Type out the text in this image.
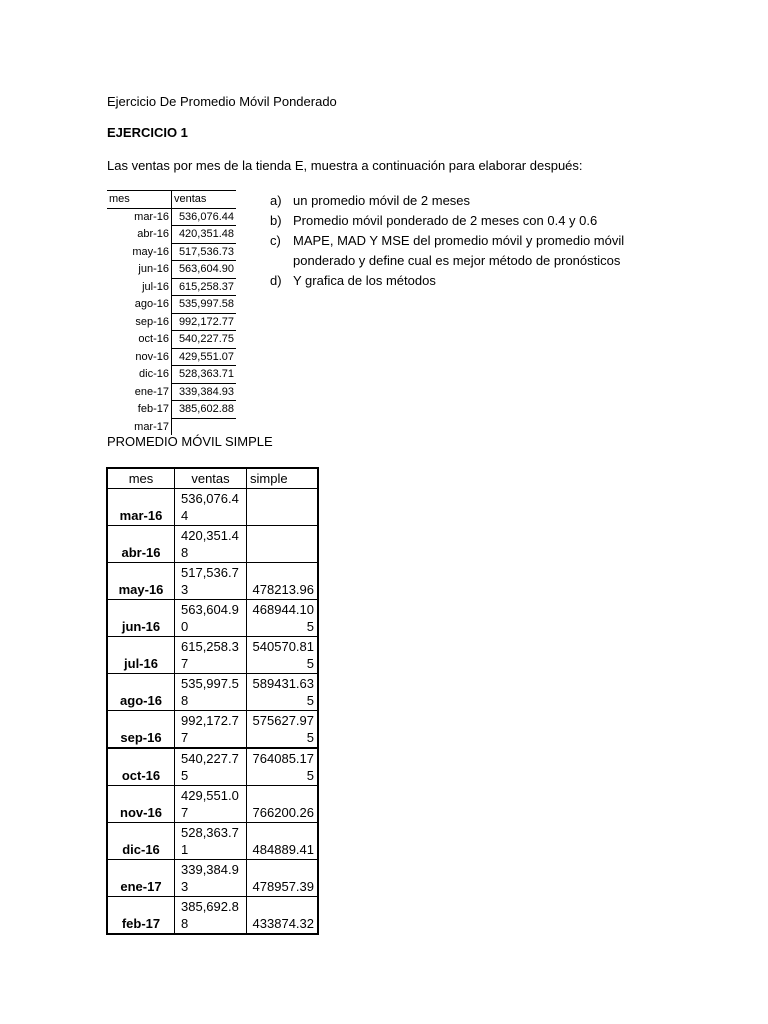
Ejercicio De Promedio Móvil Ponderado
EJERCICIO 1
Las ventas por mes de la tienda E, muestra a continuación para elaborar después:
mes	ventas
mar-16	536,076.44
abr-16	420,351.48
may-16	517,536.73
jun-16	563,604.90
jul-16	615,258.37
ago-16	535,997.58
sep-16	992,172.77
oct-16	540,227.75
nov-16	429,551.07
dic-16	528,363.71
ene-17	339,384.93
feb-17	385,602.88
mar-17	
a) un promedio móvil de 2 meses
b) Promedio móvil ponderado de 2 meses con 0.4 y 0.6
c) MAPE, MAD Y MSE del promedio móvil y promedio móvil ponderado y define cual es mejor método de pronósticos
d) Y grafica de los métodos
PROMEDIO MÓVIL SIMPLE
mes	ventas	simple
mar-16	536,076.44	
abr-16	420,351.48	
may-16	517,536.73	478213.96
jun-16	563,604.90	468944.105
jul-16	615,258.37	540570.815
ago-16	535,997.58	589431.635
sep-16	992,172.77	575627.975
oct-16	540,227.75	764085.175
nov-16	429,551.07	766200.26
dic-16	528,363.71	484889.41
ene-17	339,384.93	478957.39
feb-17	385,692.88	433874.32
